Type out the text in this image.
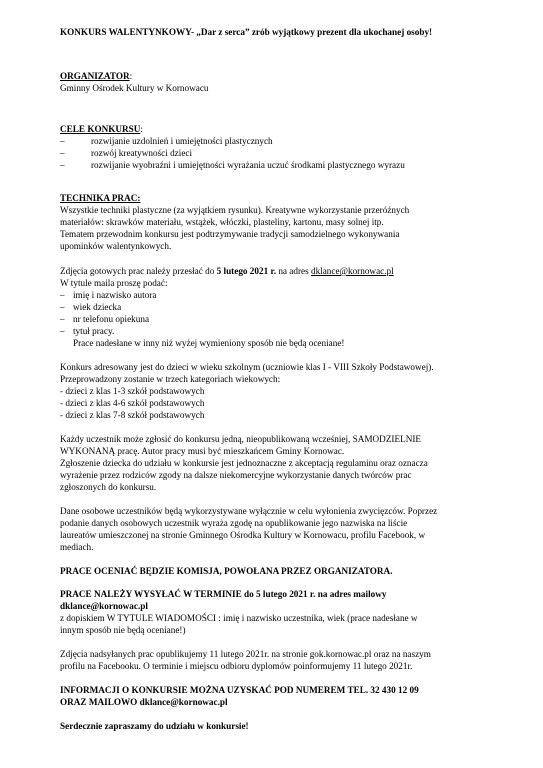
KONKURS WALENTYNKOWY- „Dar z serca” zrób wyjątkowy prezent dla ukochanej osoby!
ORGANIZATOR:
Gminny Ośrodek Kultury w Kornowacu
CELE KONKURSU:
–	rozwijanie uzdolnień i umiejętności plastycznych
–	rozwój kreatywności dzieci
–	rozwijanie wyobraźni i umiejętności wyrażania uczuć środkami plastycznego wyrazu
TECHNIKA PRAC:
Wszystkie techniki plastyczne (za wyjątkiem rysunku). Kreatywne wykorzystanie przeróżnych
materiałów: skrawków materiału, wstążek, włóczki, plasteliny, kartonu, masy solnej itp.
Tematem przewodnim konkursu jest podtrzymywanie tradycji samodzielnego wykonywania
upominków walentynkowych.
Zdjęcia gotowych prac należy przesłać do 5 lutego 2021 r. na adres dklance@kornowac.pl
W tytule maila proszę podać:
– imię i nazwisko autora
– wiek dziecka
– nr telefonu opiekuna
– tytuł pracy.
Prace nadesłane w inny niż wyżej wymieniony sposób nie będą oceniane!
Konkurs adresowany jest do dzieci w wieku szkolnym (uczniowie klas I - VIII Szkoły Podstawowej).
Przeprowadzony zostanie w trzech kategoriach wiekowych:
- dzieci z klas 1-3 szkół podstawowych
- dzieci z klas 4-6 szkół podstawowych
- dzieci z klas 7-8 szkół podstawowych
Każdy uczestnik może zgłosić do konkursu jedną, nieopublikowaną wcześniej, SAMODZIELNIE
WYKONANĄ pracę. Autor pracy musi być mieszkańcem Gminy Kornowac.
Zgłoszenie dziecka do udziału w konkursie jest jednoznaczne z akceptacją regulaminu oraz oznacza
wyrażenie przez rodziców zgody na dalsze niekomercyjne wykorzystanie danych twórców prac
zgłoszonych do konkursu.
Dane osobowe uczestników będą wykorzystywane wyłącznie w celu wyłonienia zwycięzców. Poprzez
podanie danych osobowych uczestnik wyraża zgodę na opublikowanie jego nazwiska na liście
laureatów umieszczonej na stronie Gminnego Ośrodka Kultury w Kornowacu, profilu Facebook, w
mediach.
PRACE OCENIAĆ BĘDZIE KOMISJA, POWOŁANA PRZEZ ORGANIZATORA.
PRACE NALEŻY WYSYŁAĆ W TERMINIE do 5 lutego 2021 r. na adres mailowy
dklance@kornowac.pl
z dopiskiem W TYTULE WIADOMOŚCI : imię i nazwisko uczestnika, wiek (prace nadesłane w
innym sposób nie będą oceniane!)
Zdjęcia nadsyłanych prac opublikujemy 11 lutego 2021r. na stronie gok.kornowac.pl oraz na naszym
profilu na Facebooku. O terminie i miejscu odbioru dyplomów poinformujemy 11 lutego 2021r.
INFORMACJI O KONKURSIE MOŻNA UZYSKAĆ POD NUMEREM TEL. 32 430 12 09
ORAZ MAILOWO dklance@kornowac.pl
Serdecznie zapraszamy do udziału w konkursie!
